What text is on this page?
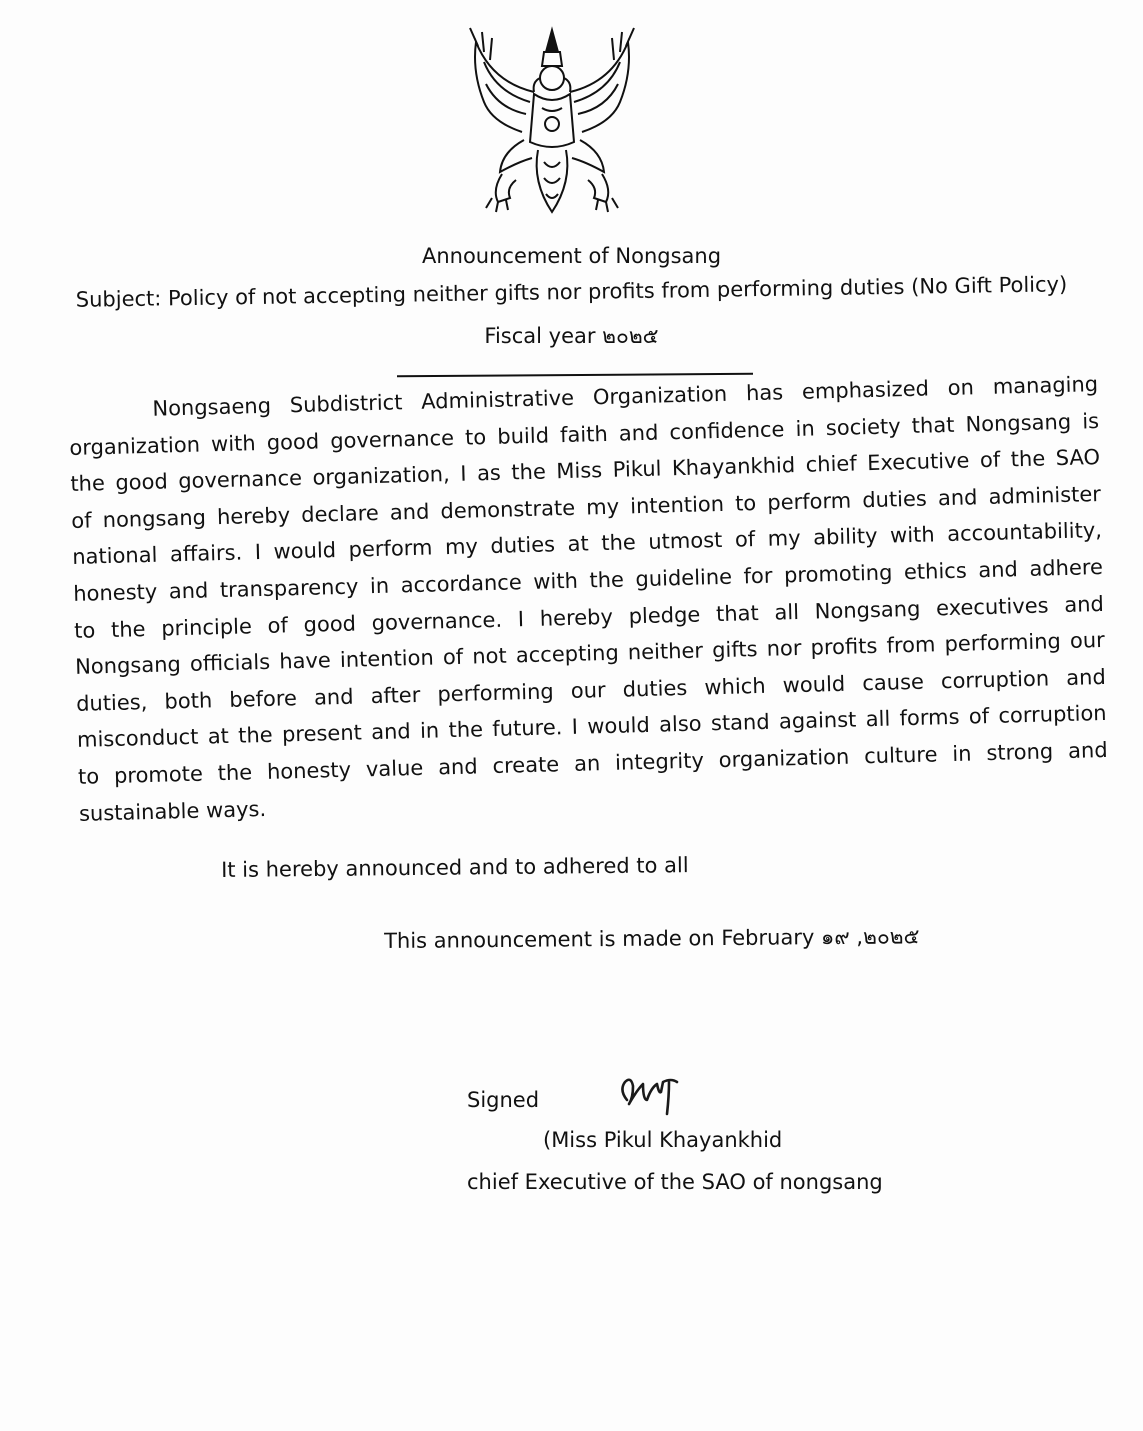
Announcement of Nongsang
Subject: Policy of not accepting neither gifts nor profits from performing duties (No Gift Policy)
Fiscal year ๒๐๒๕
Nongsaeng Subdistrict Administrative Organization has emphasized on managing
organization with good governance to build faith and confidence in society that Nongsang is
the good governance organization, I as the Miss Pikul Khayankhid chief Executive of the SAO
of nongsang hereby declare and demonstrate my intention to perform duties and administer
national affairs. I would perform my duties at the utmost of my ability with accountability,
honesty and transparency in accordance with the guideline for promoting ethics and adhere
to the principle of good governance. I hereby pledge that all Nongsang executives and
Nongsang officials have intention of not accepting neither gifts nor profits from performing our
duties, both before and after performing our duties which would cause corruption and
misconduct at the present and in the future. I would also stand against all forms of corruption
to promote the honesty value and create an integrity organization culture in strong and
sustainable ways.
It is hereby announced and to adhered to all
This announcement is made on February ๑๙ ,๒๐๒๕
Signed
(Miss Pikul Khayankhid
chief Executive of the SAO of nongsang
